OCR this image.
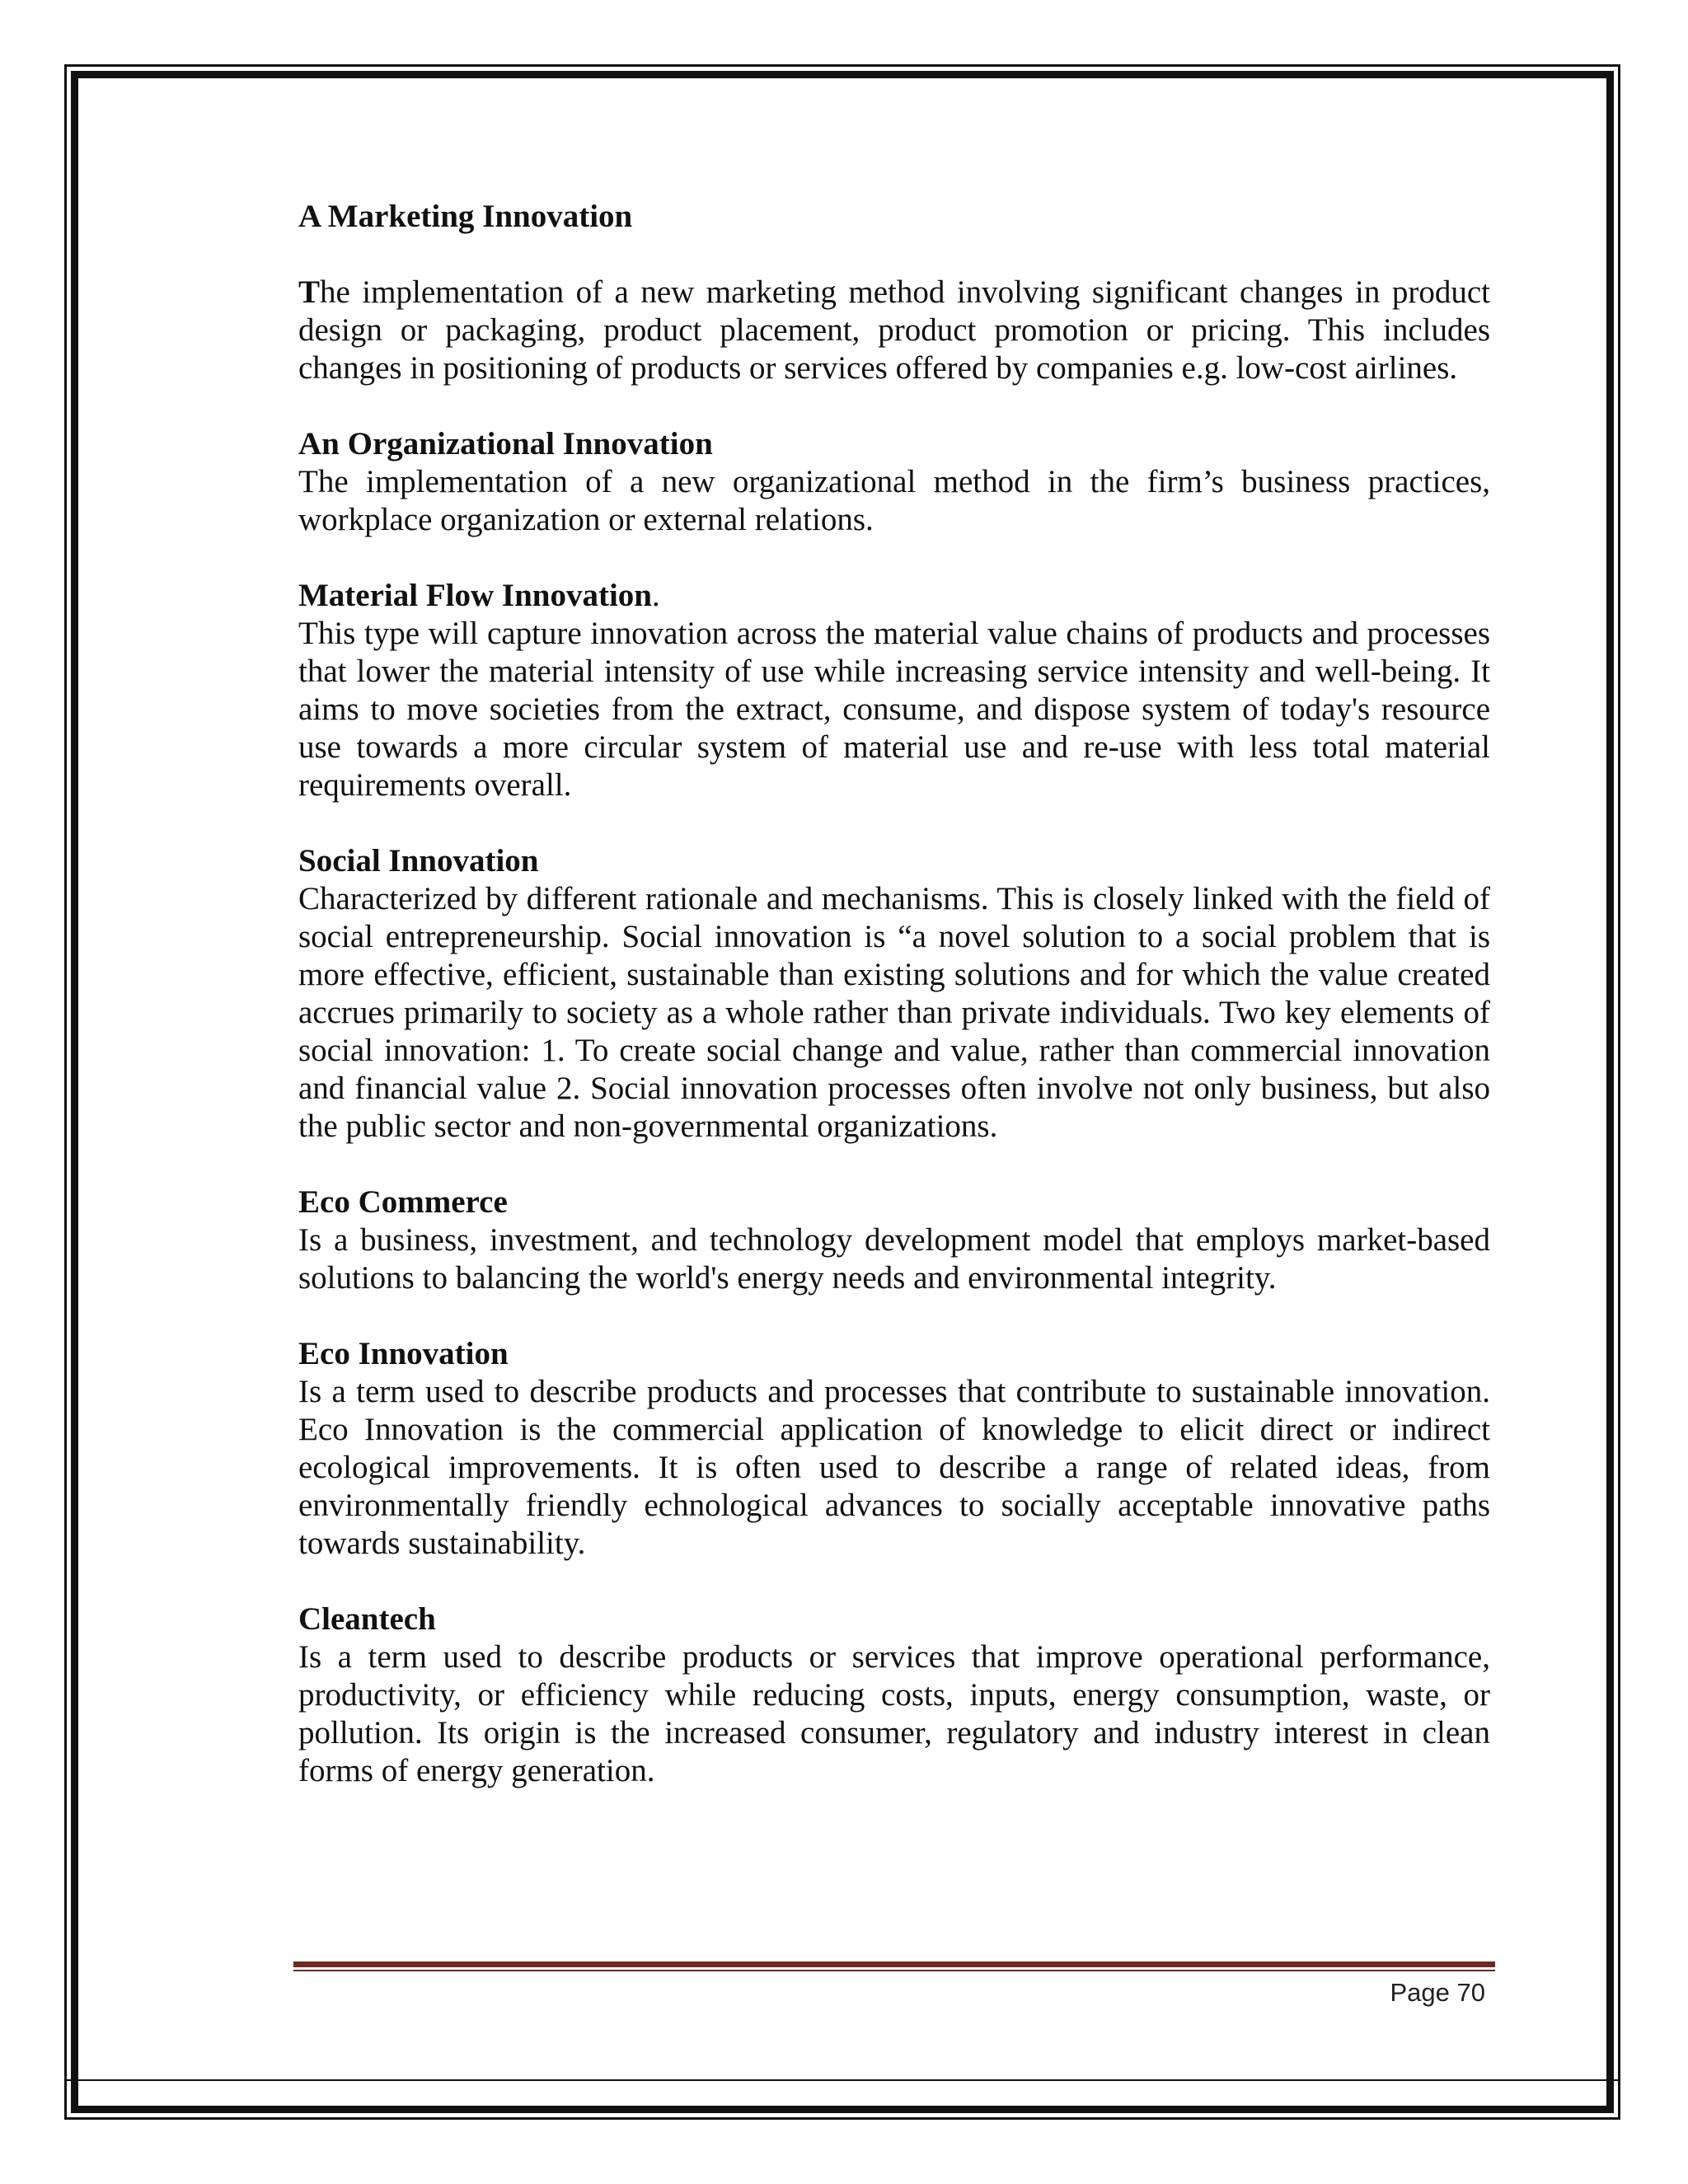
A Marketing Innovation

The implementation of a new marketing method involving significant changes in product design or packaging, product placement, product promotion or pricing. This includes changes in positioning of products or services offered by companies e.g. low-cost airlines.

An Organizational Innovation

The implementation of a new organizational method in the firm’s business practices, workplace organization or external relations.

Material Flow Innovation.

This type will capture innovation across the material value chains of products and processes that lower the material intensity of use while increasing service intensity and well-being. It aims to move societies from the extract, consume, and dispose system of today's resource use towards a more circular system of material use and re-use with less total material requirements overall.

Social Innovation

Characterized by different rationale and mechanisms. This is closely linked with the field of social entrepreneurship. Social innovation is “a novel solution to a social problem that is more effective, efficient, sustainable than existing solutions and for which the value created accrues primarily to society as a whole rather than private individuals. Two key elements of social innovation: 1. To create social change and value, rather than commercial innovation and financial value 2. Social innovation processes often involve not only business, but also the public sector and non-governmental organizations.

Eco Commerce

Is a business, investment, and technology development model that employs market-based solutions to balancing the world's energy needs and environmental integrity.

Eco Innovation

Is a term used to describe products and processes that contribute to sustainable innovation. Eco Innovation is the commercial application of knowledge to elicit direct or indirect ecological improvements. It is often used to describe a range of related ideas, from environmentally friendly echnological advances to socially acceptable innovative paths towards sustainability.

Cleantech

Is a term used to describe products or services that improve operational performance, productivity, or efficiency while reducing costs, inputs, energy consumption, waste, or pollution. Its origin is the increased consumer, regulatory and industry interest in clean forms of energy generation.

Page 70
